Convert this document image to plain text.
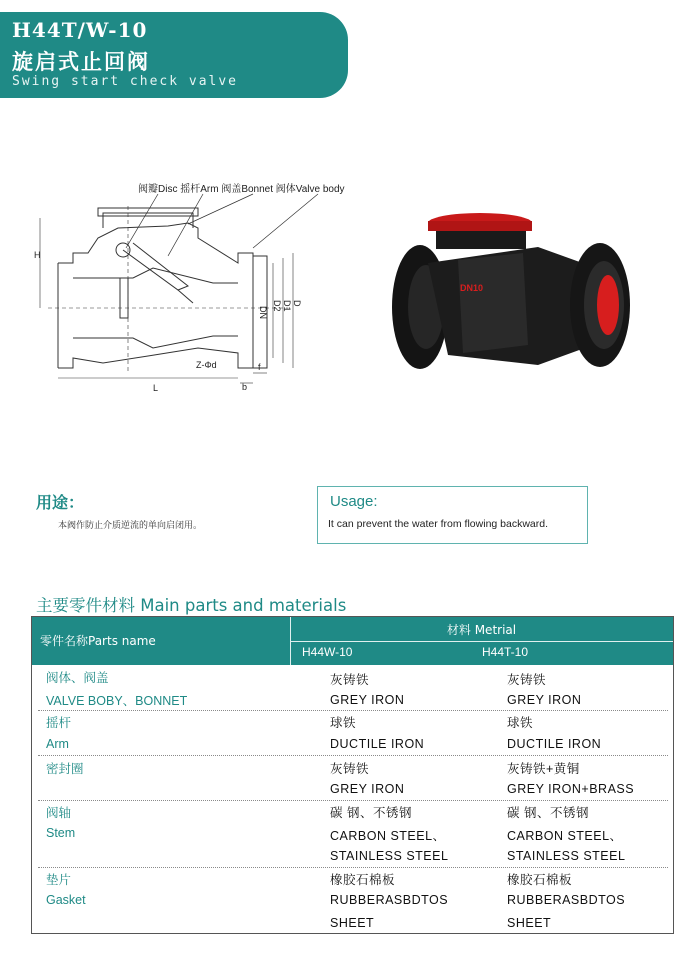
H44T/W-10
旋启式止回阀
Swing start check valve
阀瓣Disc 摇杆Arm 阀盖Bonnet 阀体Valve body
H
L
DN
D2 D1 D
Z-Φd
b
f
DN10
用途：
本阀作防止介质逆流的单向启闭用。
Usage:
It can prevent the water from flowing backward.
主要零件材料 Main parts and materials
零件名称Parts name
材料 Metrial
H44W-10	H44T-10
阀体、阀盖
VALVE BOBY、BONNET
灰铸铁
GREY IRON
灰铸铁
GREY IRON
摇杆
Arm
球铁
DUCTILE IRON
球铁
DUCTILE IRON
密封圈	灰铸铁
GREY IRON
灰铸铁+黄铜
GREY IRON+BRASS
阀轴
Stem
碳 钢、不锈钢
CARBON STEEL、
STAINLESS STEEL
碳 钢、不锈钢
CARBON STEEL、
STAINLESS STEEL
垫片
Gasket
橡胶石棉板
RUBBERASBDTOS
SHEET
橡胶石棉板
RUBBERASBDTOS
SHEET
